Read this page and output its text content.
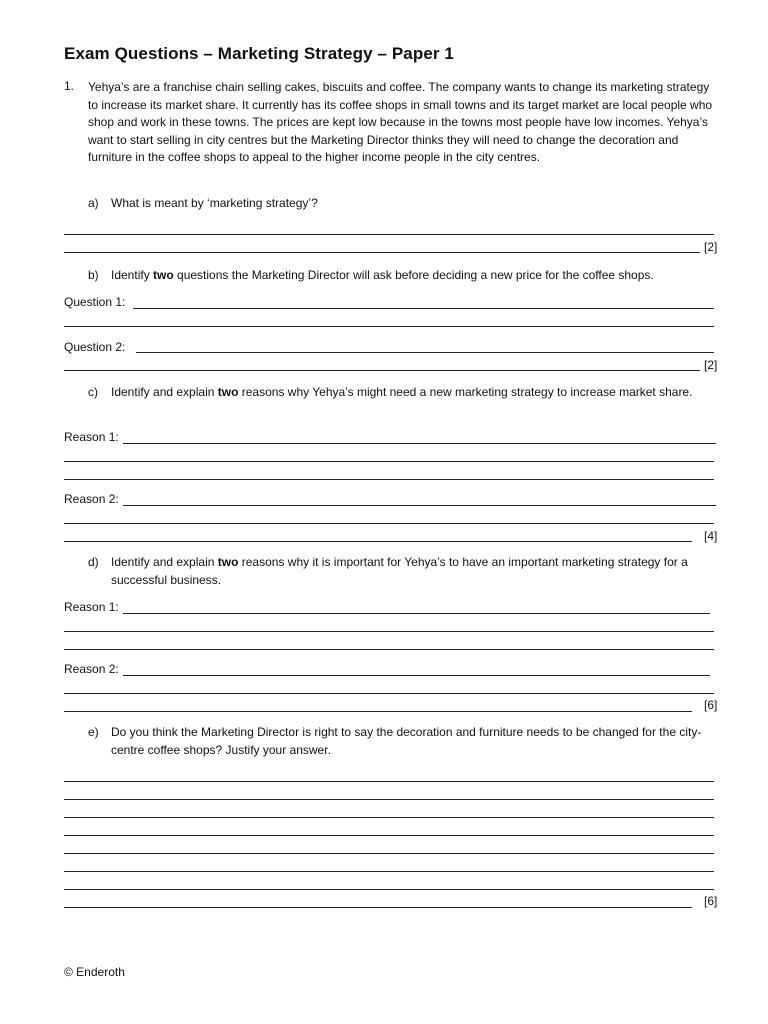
Exam Questions – Marketing Strategy – Paper 1
1. Yehya’s are a franchise chain selling cakes, biscuits and coffee. The company wants to change its marketing strategy to increase its market share. It currently has its coffee shops in small towns and its target market are local people who shop and work in these towns. The prices are kept low because in the towns most people have low incomes. Yehya’s want to start selling in city centres but the Marketing Director thinks they will need to change the decoration and furniture in the coffee shops to appeal to the higher income people in the city centres.
a) What is meant by ‘marketing strategy’?
[2]
b) Identify two questions the Marketing Director will ask before deciding a new price for the coffee shops.
Question 1:
Question 2:
[2]
c) Identify and explain two reasons why Yehya’s might need a new marketing strategy to increase market share.
Reason 1:
Reason 2:
[4]
d) Identify and explain two reasons why it is important for Yehya’s to have an important marketing strategy for a successful business.
Reason 1:
Reason 2:
[6]
e) Do you think the Marketing Director is right to say the decoration and furniture needs to be changed for the city-centre coffee shops? Justify your answer.
[6]
© Enderoth
